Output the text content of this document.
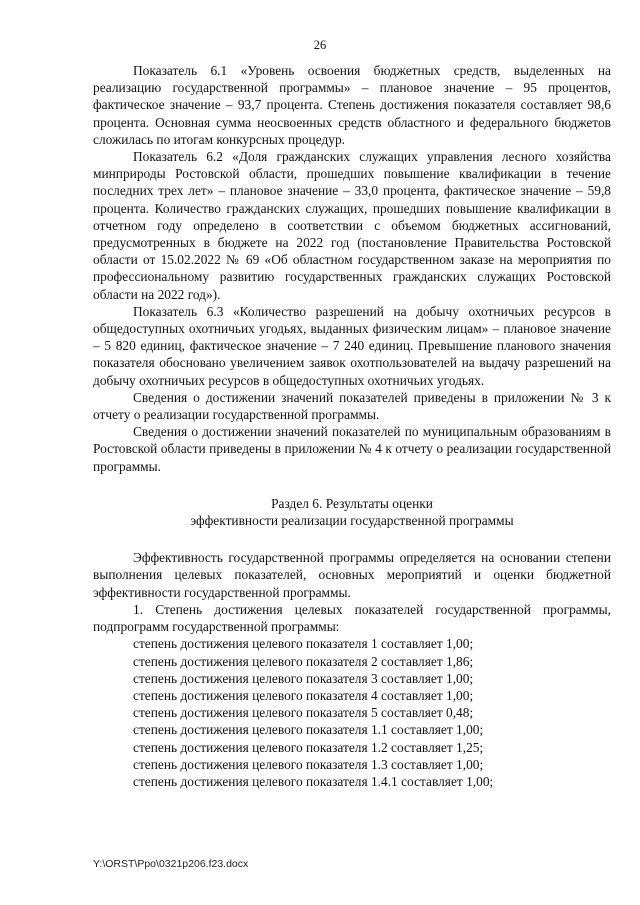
26

Показатель 6.1 «Уровень освоения бюджетных средств, выделенных на реализацию государственной программы» – плановое значение – 95 процентов, фактическое значение – 93,7 процента. Степень достижения показателя составляет 98,6 процента. Основная сумма неосвоенных средств областного и федерального бюджетов сложилась по итогам конкурсных процедур.

Показатель 6.2 «Доля гражданских служащих управления лесного хозяйства минприроды Ростовской области, прошедших повышение квалификации в течение последних трех лет» – плановое значение – 33,0 процента, фактическое значение – 59,8 процента. Количество гражданских служащих, прошедших повышение квалификации в отчетном году определено в соответствии с объемом бюджетных ассигнований, предусмотренных в бюджете на 2022 год (постановление Правительства Ростовской области от 15.02.2022 № 69 «Об областном государственном заказе на мероприятия по профессиональному развитию государственных гражданских служащих Ростовской области на 2022 год»).

Показатель 6.3 «Количество разрешений на добычу охотничьих ресурсов в общедоступных охотничьих угодьях, выданных физическим лицам» – плановое значение – 5 820 единиц, фактическое значение – 7 240 единиц. Превышение планового значения показателя обосновано увеличением заявок охотпользователей на выдачу разрешений на добычу охотничьих ресурсов в общедоступных охотничьих угодьях.

Сведения о достижении значений показателей приведены в приложении № 3 к отчету о реализации государственной программы.

Сведения о достижении значений показателей по муниципальным образованиям в Ростовской области приведены в приложении № 4 к отчету о реализации государственной программы.

Раздел 6. Результаты оценки
эффективности реализации государственной программы

Эффективность государственной программы определяется на основании степени выполнения целевых показателей, основных мероприятий и оценки бюджетной эффективности государственной программы.

1. Степень достижения целевых показателей государственной программы, подпрограмм государственной программы:

степень достижения целевого показателя 1 составляет 1,00;
степень достижения целевого показателя 2 составляет 1,86;
степень достижения целевого показателя 3 составляет 1,00;
степень достижения целевого показателя 4 составляет 1,00;
степень достижения целевого показателя 5 составляет 0,48;
степень достижения целевого показателя 1.1 составляет 1,00;
степень достижения целевого показателя 1.2 составляет 1,25;
степень достижения целевого показателя 1.3 составляет 1,00;
степень достижения целевого показателя 1.4.1 составляет 1,00;
Y:\ORST\Ppo\0321p206.f23.docx
